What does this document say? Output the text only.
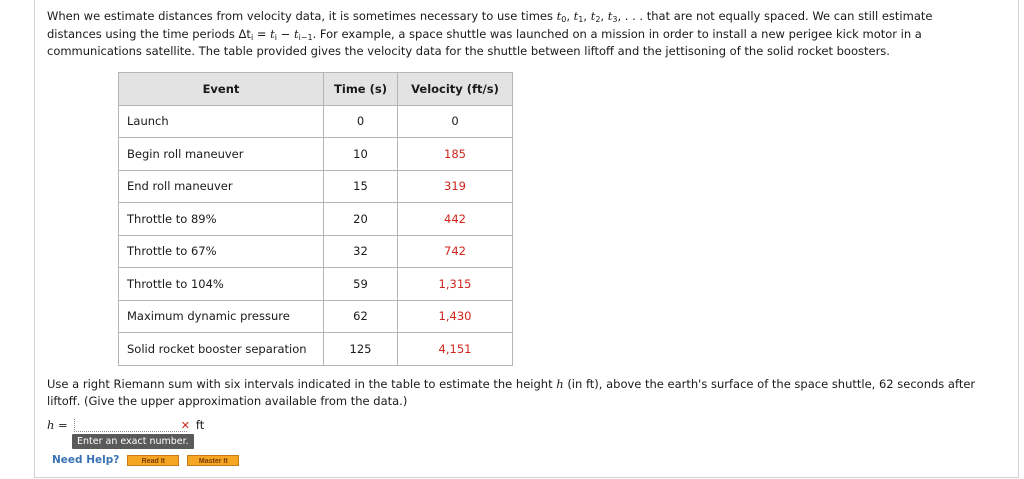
When we estimate distances from velocity data, it is sometimes necessary to use times $t_0$, $t_1$, $t_2$, $t_3$, . . . that are not equally spaced. We can still estimate distances using the time periods $\Delta t_i = t_i - t_{i-1}$. For example, a space shuttle was launched on a mission in order to install a new perigee kick motor in a communications satellite. The table provided gives the velocity data for the shuttle between liftoff and the jettisoning of the solid rocket boosters.
Event	Time (s)	Velocity (ft/s)
Launch	0	0
Begin roll maneuver	10	185
End roll maneuver	15	319
Throttle to 89%	20	442
Throttle to 67%	32	742
Throttle to 104%	59	1,315
Maximum dynamic pressure	62	1,430
Solid rocket booster separation	125	4,151
Use a right Riemann sum with six intervals indicated in the table to estimate the height h (in ft), above the earth's surface of the space shuttle, 62 seconds after liftoff. (Give the upper approximation available from the data.)
h =	✕ ft
Enter an exact number.
Need Help?	Read It	Master It
